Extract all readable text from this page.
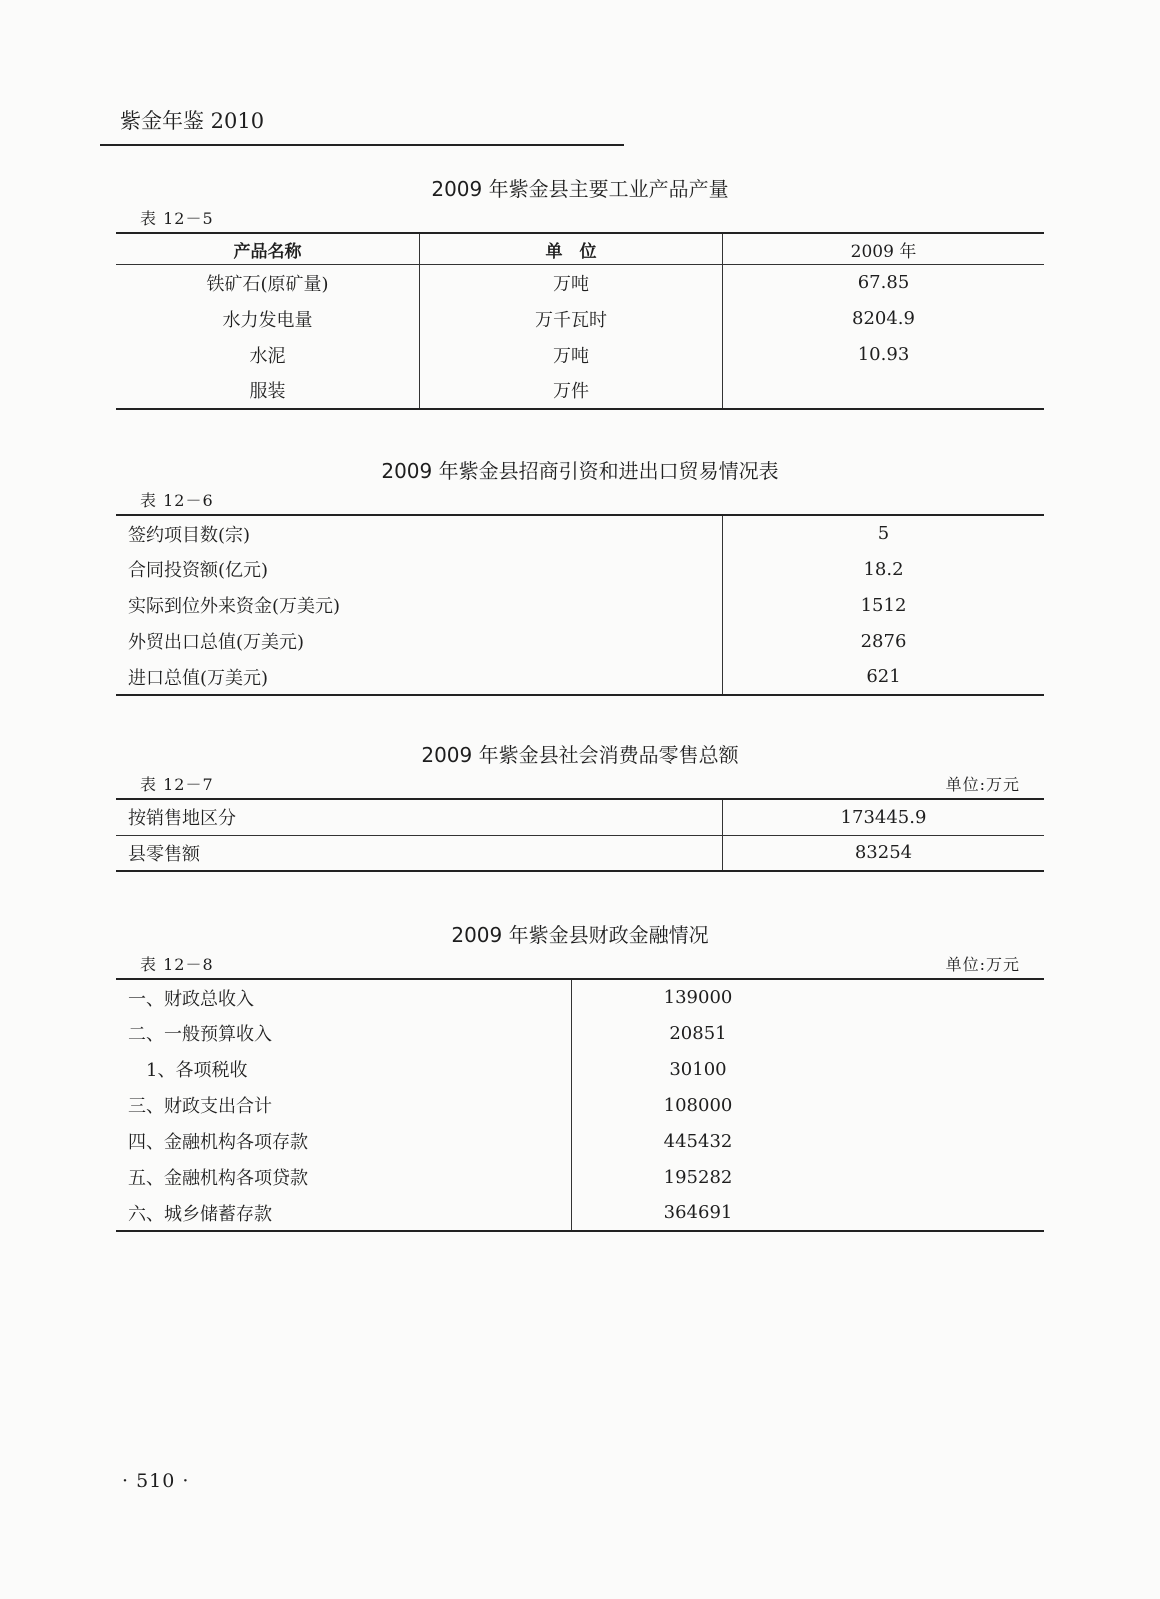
紫金年鉴 2010
2009 年紫金县主要工业产品产量
表 12－5
产品名称	单　位	2009 年
铁矿石(原矿量)	万吨	67.85
水力发电量	万千瓦时	8204.9
水泥	万吨	10.93
服装	万件	
2009 年紫金县招商引资和进出口贸易情况表
表 12－6
签约项目数(宗)	5
合同投资额(亿元)	18.2
实际到位外来资金(万美元)	1512
外贸出口总值(万美元)	2876
进口总值(万美元)	621
2009 年紫金县社会消费品零售总额
表 12－7	单位:万元
按销售地区分	173445.9
县零售额	83254
2009 年紫金县财政金融情况
表 12－8	单位:万元
一、财政总收入	139000
二、一般预算收入	20851
1、各项税收	30100
三、财政支出合计	108000
四、金融机构各项存款	445432
五、金融机构各项贷款	195282
六、城乡储蓄存款	364691
· 510 ·
